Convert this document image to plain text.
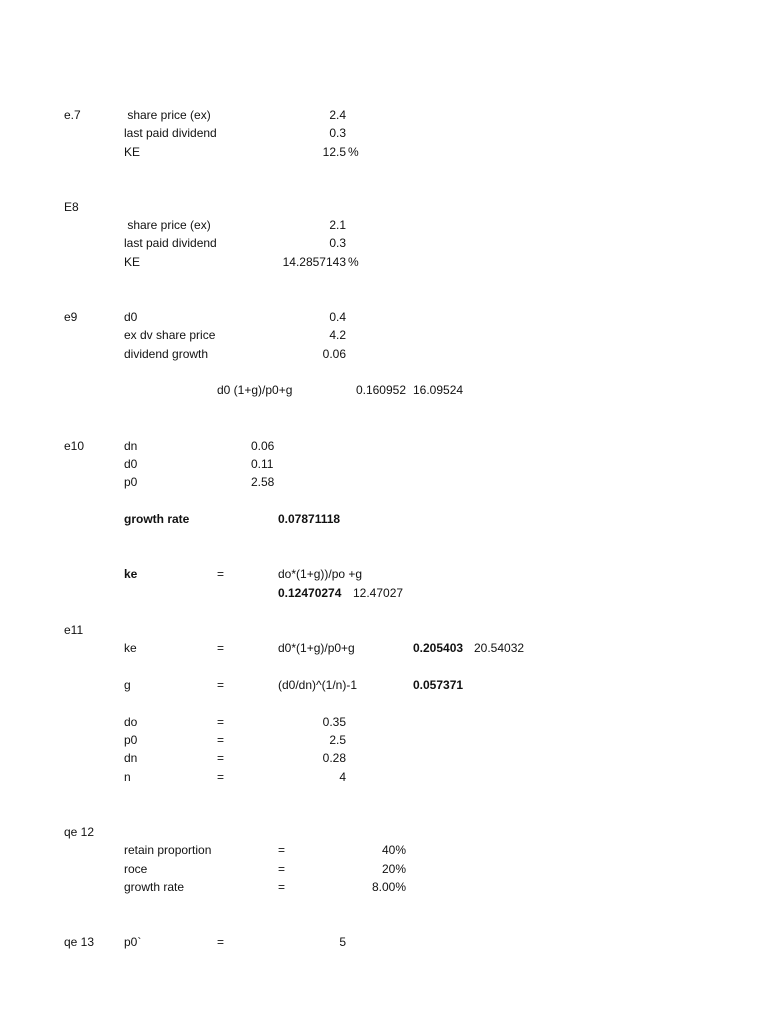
e.7	share price (ex)	2.4
last paid dividend	0.3
KE	12.5 %
E8
share price (ex)	2.1
last paid dividend	0.3
KE	14.2857143 %
e9	d0	0.4
ex dv share price	4.2
dividend growth	0.06
d0 (1+g)/p0+g	0.160952 16.09524
e10	dn	0.06
d0	0.11
p0	2.58
growth rate	0.07871118
ke	=	do*(1+g))/po +g
0.12470274 12.47027
e11
ke	=	d0*(1+g)/p0+g	0.205403 20.54032
g	=	(d0/dn)^(1/n)-1	0.057371
do	=	0.35
p0	=	2.5
dn	=	0.28
n	=	4
qe 12
retain proportion	=	40%
roce	=	20%
growth rate	=	8.00%
qe 13 p0`	=	5
